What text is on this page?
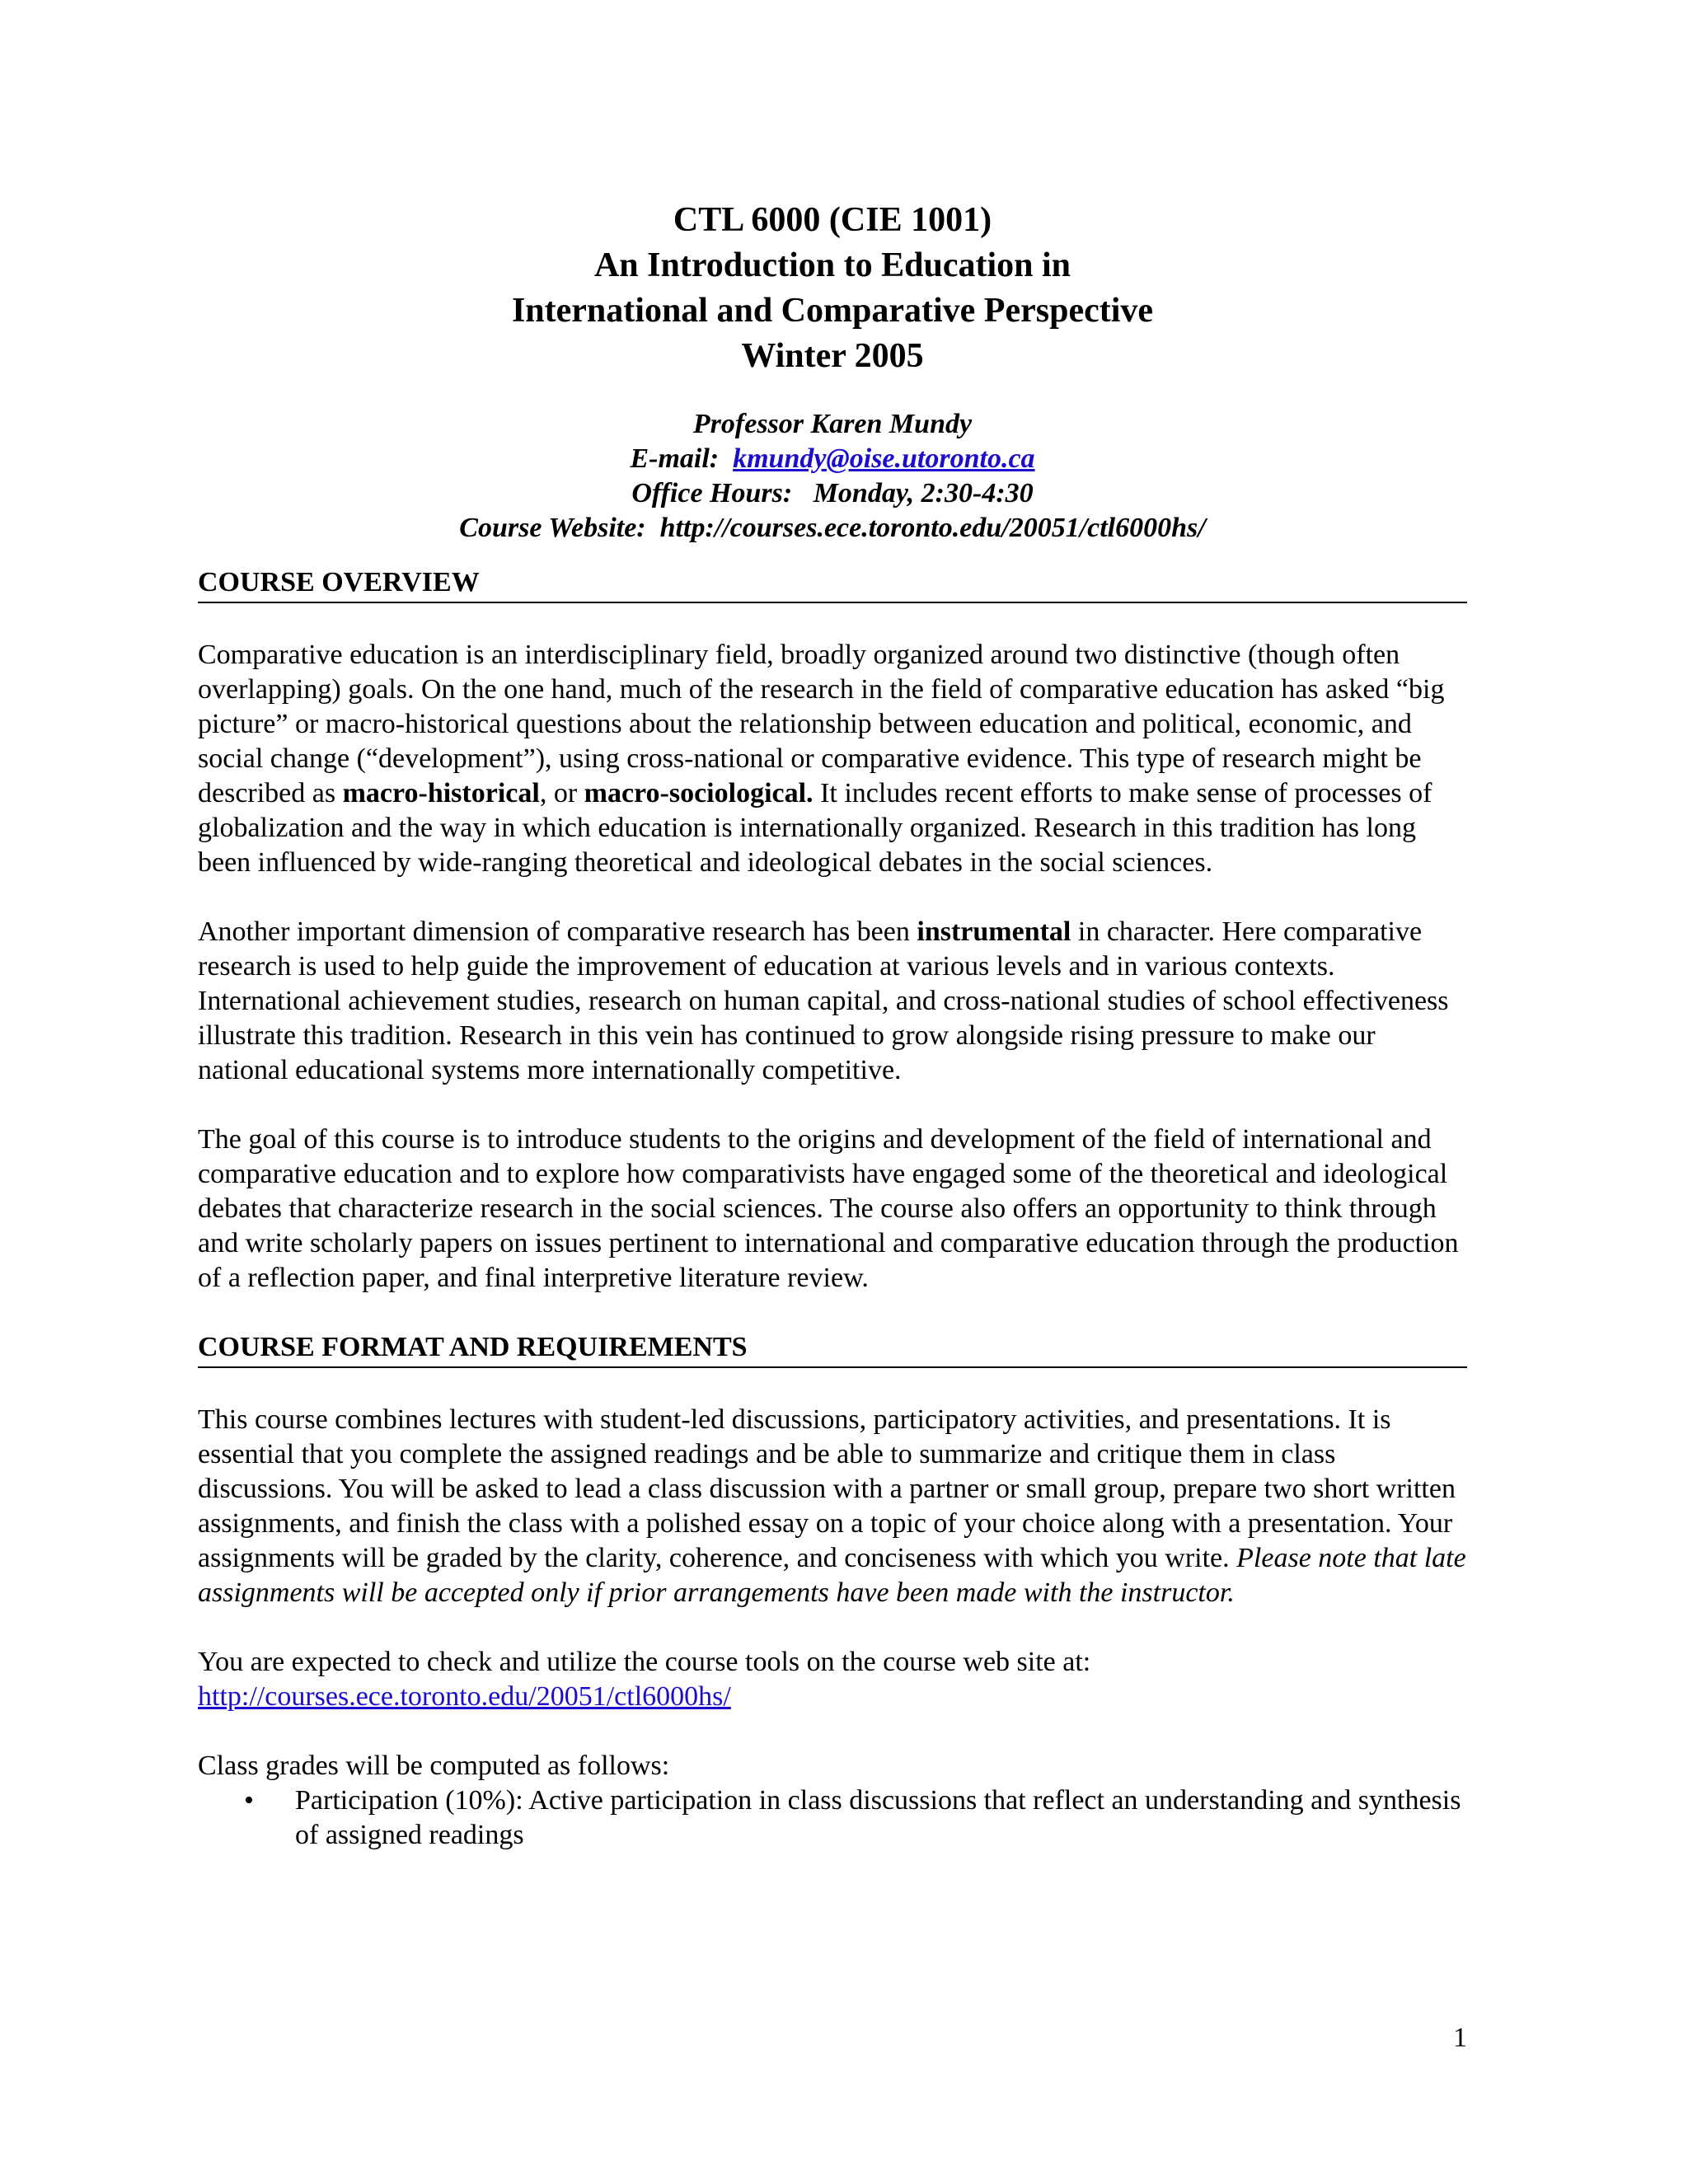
CTL 6000 (CIE 1001)
An Introduction to Education in
International and Comparative Perspective
Winter 2005
Professor Karen Mundy
E-mail: kmundy@oise.utoronto.ca
Office Hours: Monday, 2:30-4:30
Course Website: http://courses.ece.toronto.edu/20051/ctl6000hs/
COURSE OVERVIEW

Comparative education is an interdisciplinary field, broadly organized around two distinctive (though often overlapping) goals. On the one hand, much of the research in the field of comparative education has asked “big picture” or macro-historical questions about the relationship between education and political, economic, and social change (“development”), using cross-national or comparative evidence. This type of research might be described as macro-historical, or macro-sociological. It includes recent efforts to make sense of processes of globalization and the way in which education is internationally organized. Research in this tradition has long been influenced by wide-ranging theoretical and ideological debates in the social sciences.

Another important dimension of comparative research has been instrumental in character. Here comparative research is used to help guide the improvement of education at various levels and in various contexts. International achievement studies, research on human capital, and cross-national studies of school effectiveness illustrate this tradition. Research in this vein has continued to grow alongside rising pressure to make our national educational systems more internationally competitive.

The goal of this course is to introduce students to the origins and development of the field of international and comparative education and to explore how comparativists have engaged some of the theoretical and ideological debates that characterize research in the social sciences. The course also offers an opportunity to think through and write scholarly papers on issues pertinent to international and comparative education through the production of a reflection paper, and final interpretive literature review.

COURSE FORMAT AND REQUIREMENTS

This course combines lectures with student-led discussions, participatory activities, and presentations. It is essential that you complete the assigned readings and be able to summarize and critique them in class discussions. You will be asked to lead a class discussion with a partner or small group, prepare two short written assignments, and finish the class with a polished essay on a topic of your choice along with a presentation. Your assignments will be graded by the clarity, coherence, and conciseness with which you write. Please note that late assignments will be accepted only if prior arrangements have been made with the instructor.

You are expected to check and utilize the course tools on the course web site at:
http://courses.ece.toronto.edu/20051/ctl6000hs/

Class grades will be computed as follows:

• Participation (10%): Active participation in class discussions that reflect an understanding and synthesis of assigned readings
1
